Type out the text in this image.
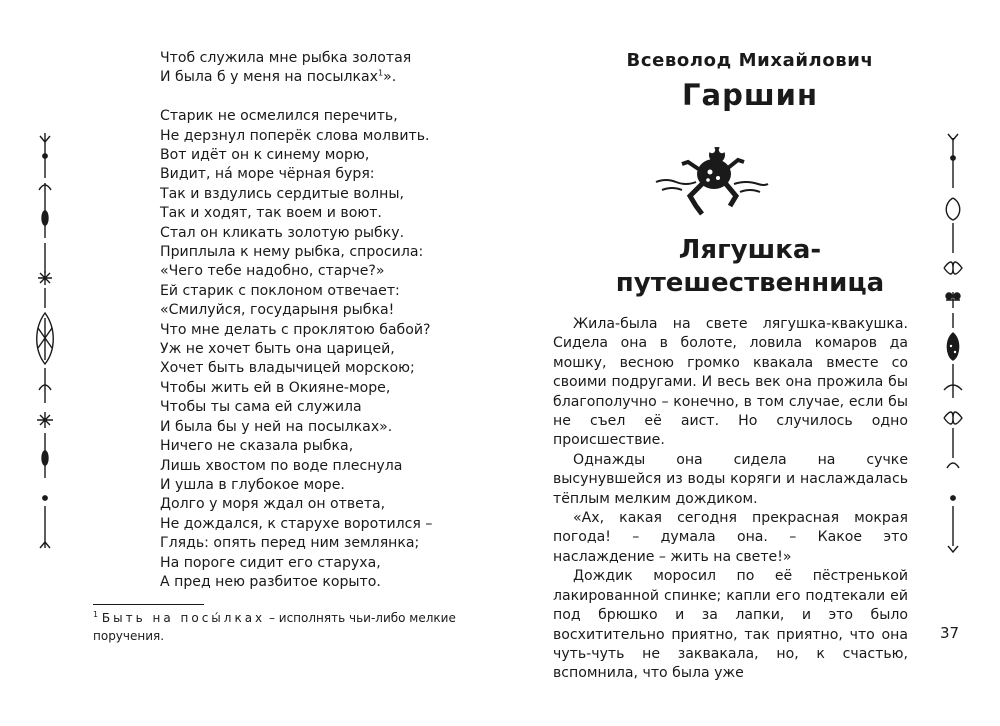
Чтоб служила мне рыбка золотая
И была б у меня на посылках$^1$».
Старик не осмелился перечить,
Не дерзнул поперёк слова молвить.
Вот идёт он к синему морю,
Видит, на́ море чёрная буря:
Так и вздулись сердитые волны,
Так и ходят, так воем и воют.
Стал он кликать золотую рыбку.
Приплыла к нему рыбка, спросила:
«Чего тебе надобно, старче?»
Ей старик с поклоном отвечает:
«Смилуйся, государыня рыбка!
Что мне делать с проклятою бабой?
Уж не хочет быть она царицей,
Хочет быть владычицей морскою;
Чтобы жить ей в Окияне-море,
Чтобы ты сама ей служила
И была бы у ней на посылках».
Ничего не сказала рыбка,
Лишь хвостом по воде плеснула
И ушла в глубокое море.
Долго у моря ждал он ответа,
Не дождался, к старухе воротился –
Глядь: опять перед ним землянка;
На пороге сидит его старуха,
А пред нею разбитое корыто.
$^1$ Быть на посы́лках – исполнять чьи-либо мелкие поручения.
Всеволод Михайлович
Гаршин
Лягушка-
путешественница

Жила-была на свете лягушка-квакушка. Сидела она в болоте, ловила комаров да мошку, весною громко квакала вместе со своими подругами. И весь век она прожила бы благополучно – конечно, в том случае, если бы не съел её аист. Но случилось одно происшествие.

Однажды она сидела на сучке высунувшейся из воды коряги и наслаждалась тёплым мелким дождиком.

«Ах, какая сегодня прекрасная мокрая погода! – думала она. – Какое это наслаждение – жить на свете!»

Дождик моросил по её пёстренькой лакированной спинке; капли его подтекали ей под брюшко и за лапки, и это было восхитительно приятно, так приятно, что она чуть-чуть не заквакала, но, к счастью, вспомнила, что была уже

37
